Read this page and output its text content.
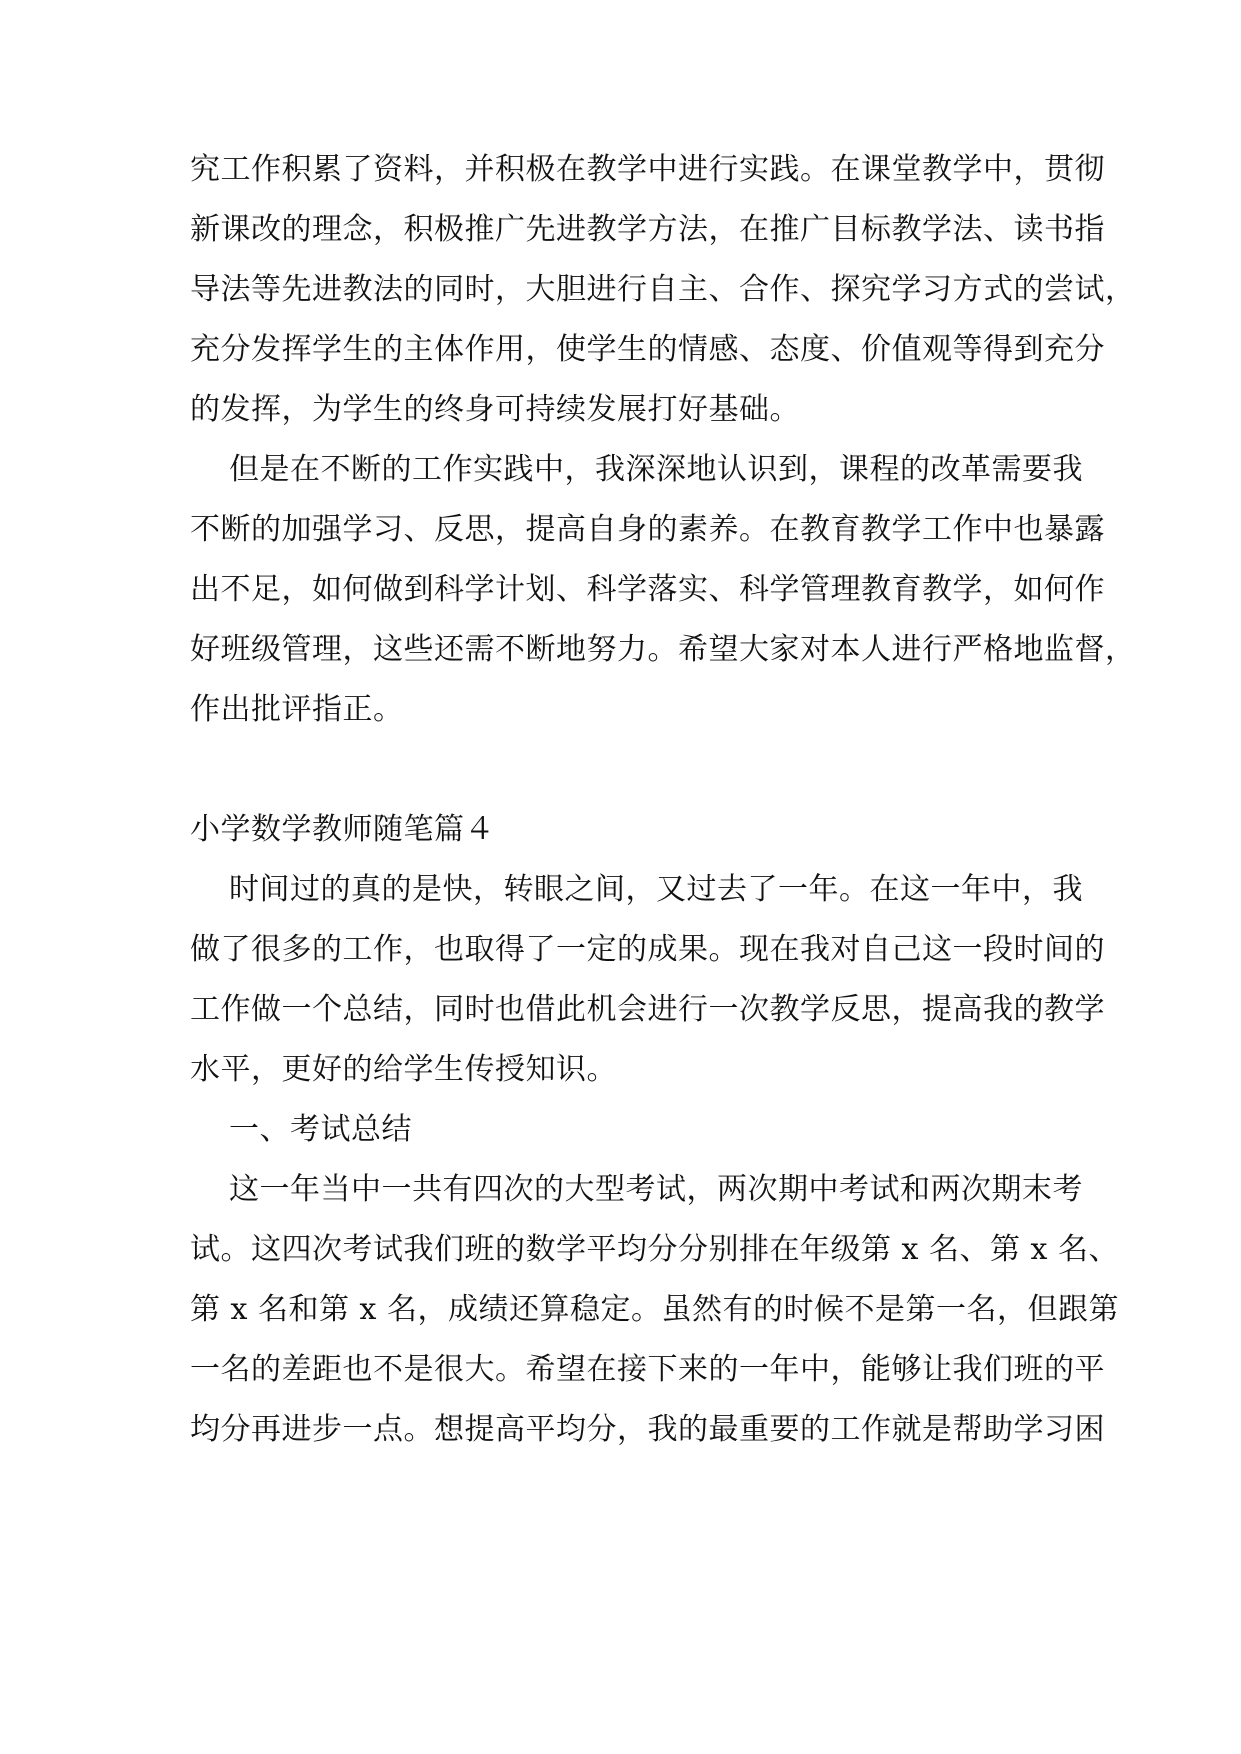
究工作积累了资料，并积极在教学中进行实践。在课堂教学中，贯彻
新课改的理念，积极推广先进教学方法，在推广目标教学法、读书指
导法等先进教法的同时，大胆进行自主、合作、探究学习方式的尝试，
充分发挥学生的主体作用，使学生的情感、态度、价值观等得到充分
的发挥，为学生的终身可持续发展打好基础。
但是在不断的工作实践中，我深深地认识到，课程的改革需要我
不断的加强学习、反思，提高自身的素养。在教育教学工作中也暴露
出不足，如何做到科学计划、科学落实、科学管理教育教学，如何作
好班级管理，这些还需不断地努力。希望大家对本人进行严格地监督，
作出批评指正。
小学数学教师随笔篇４
时间过的真的是快，转眼之间，又过去了一年。在这一年中，我
做了很多的工作，也取得了一定的成果。现在我对自己这一段时间的
工作做一个总结，同时也借此机会进行一次教学反思，提高我的教学
水平，更好的给学生传授知识。
一、考试总结
这一年当中一共有四次的大型考试，两次期中考试和两次期末考
试。这四次考试我们班的数学平均分分别排在年级第 x 名、第 x 名、
第 x 名和第 x 名，成绩还算稳定。虽然有的时候不是第一名，但跟第
一名的差距也不是很大。希望在接下来的一年中，能够让我们班的平
均分再进步一点。想提高平均分，我的最重要的工作就是帮助学习困
